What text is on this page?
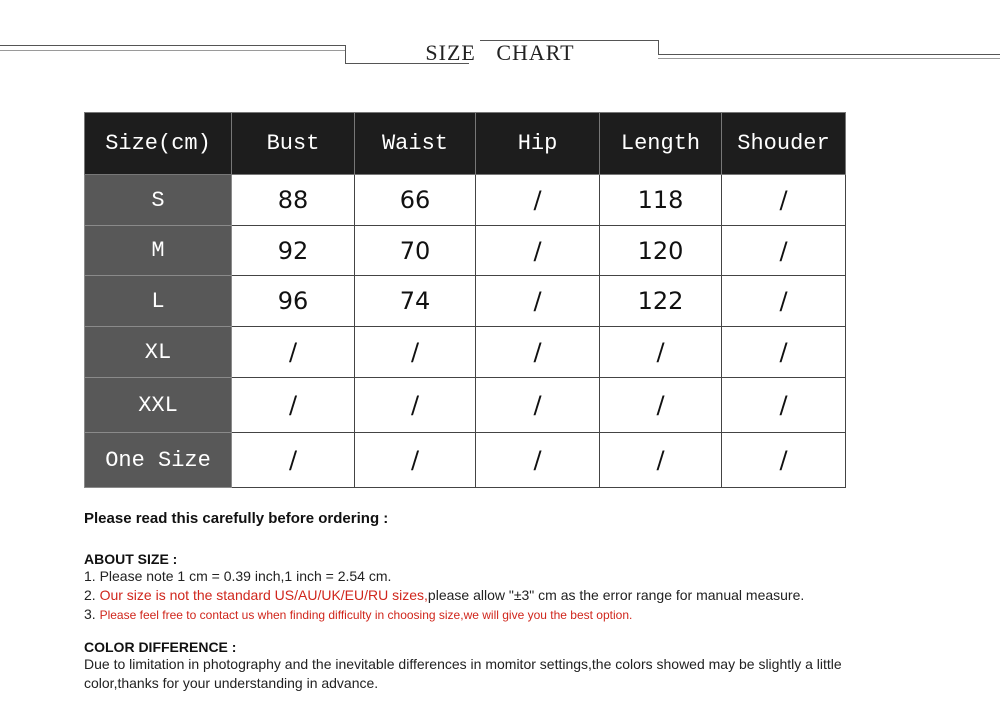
SIZE CHART
Size(cm)	Bust	Waist	Hip	Length	Shouder
S	88	66	/	118	/
M	92	70	/	120	/
L	96	74	/	122	/
XL	/	/	/	/	/
XXL	/	/	/	/	/
One Size	/	/	/	/	/

Please read this carefully before ordering :

ABOUT SIZE :

1. Please note 1 cm = 0.39 inch,1 inch = 2.54 cm.

2. Our size is not the standard US/AU/UK/EU/RU sizes,please allow "±3" cm as the error range for manual measure.

3. Please feel free to contact us when finding difficulty in choosing size,we will give you the best option.

COLOR DIFFERENCE :

Due to limitation in photography and the inevitable differences in momitor settings,the colors showed may be slightly a little

color,thanks for your understanding in advance.
